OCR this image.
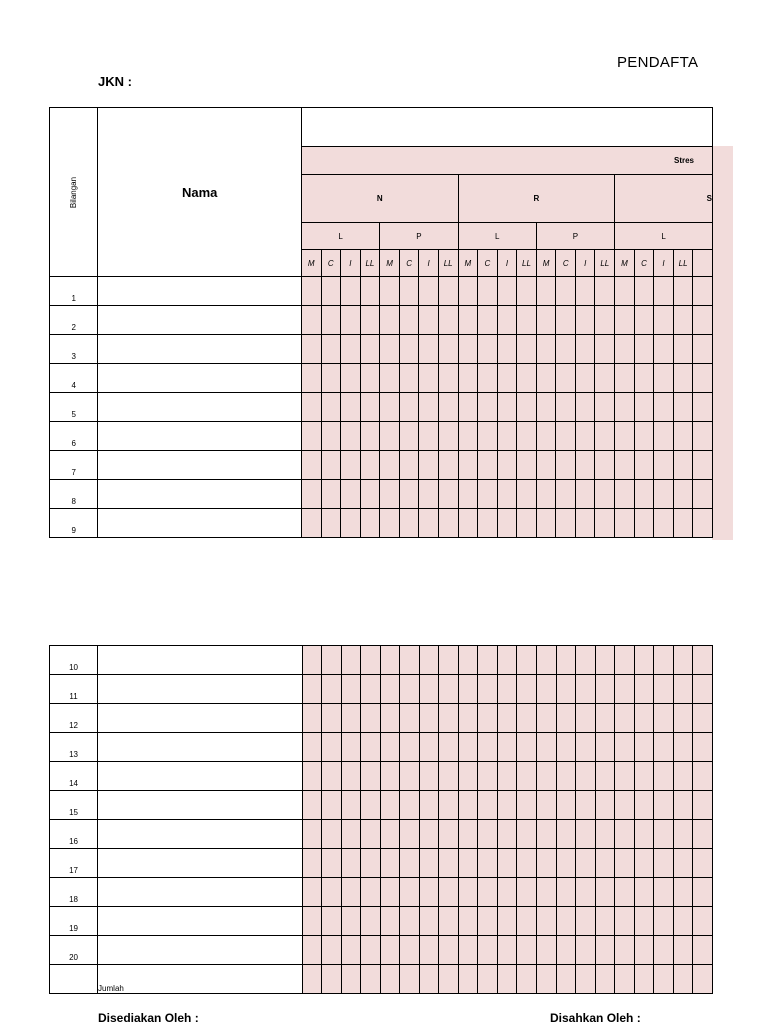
PENDAFTA
JKN :
Bilangan	Nama																					
		Stres																				
		N								R								S				
		L				P				L				P				L				
		M	C	I	LL	M	C	I	LL	M	C	I	LL	M	C	I	LL	M	C	I	LL	
1																						
2																						
3																						
4																						
5																						
6																						
7																						
8																						
9																						
10																						
11																						
12																						
13																						
14																						
15																						
16																						
17																						
18																						
19																						
20																						
	Jumlah																					
Disediakan Oleh :	Disahkan Oleh :
